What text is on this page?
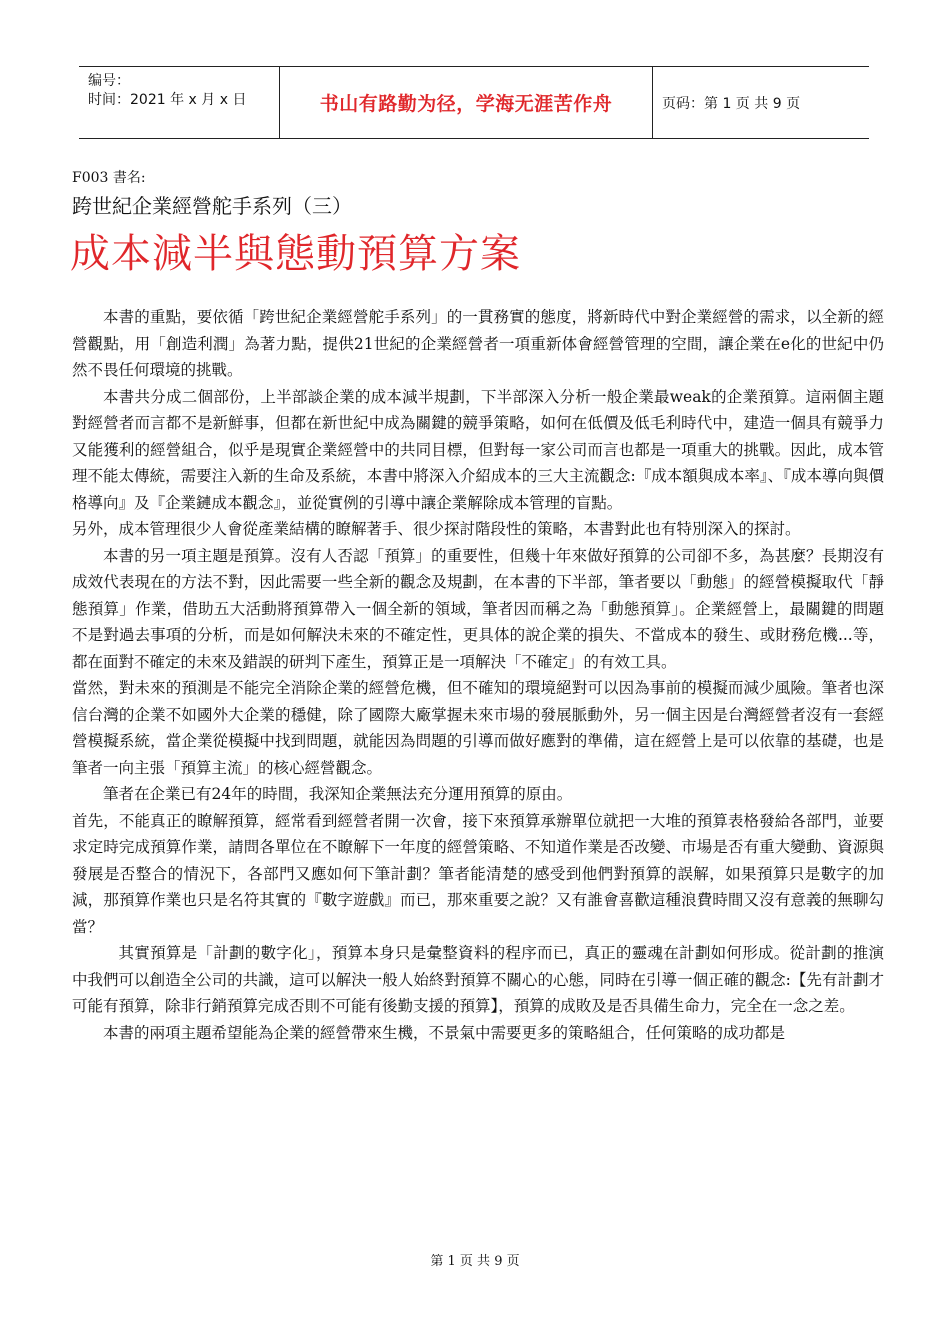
编号：
时间：2021 年 x 月 x 日	书山有路勤为径，学海无涯苦作舟	页码：第 1 页 共 9 页
F003 書名:
跨世紀企業經營舵手系列（三）
成本減半與態動預算方案

本書的重點，要依循「跨世紀企業經營舵手系列」的一貫務實的態度，將新時代中對企業經營的需求，以全新的經營觀點，用「創造利潤」為著力點，提供21世紀的企業經營者一項重新体會經營管理的空間，讓企業在e化的世紀中仍然不畏任何環境的挑戰。

本書共分成二個部份，上半部談企業的成本減半規劃，下半部深入分析一般企業最weak的企業預算。這兩個主題對經營者而言都不是新鮮事，但都在新世紀中成為關鍵的競爭策略，如何在低價及低毛利時代中，建造一個具有競爭力又能獲利的經營組合，似乎是現實企業經營中的共同目標，但對每一家公司而言也都是一項重大的挑戰。因此，成本管理不能太傳統，需要注入新的生命及系統，本書中將深入介紹成本的三大主流觀念:『成本額與成本率』、『成本導向與價格導向』及『企業鏈成本觀念』，並從實例的引導中讓企業解除成本管理的盲點。

另外，成本管理很少人會從產業結構的瞭解著手、很少探討階段性的策略，本書對此也有特別深入的探討。

本書的另一項主題是預算。沒有人否認「預算」的重要性，但幾十年來做好預算的公司卻不多，為甚麼？長期沒有成效代表現在的方法不對，因此需要一些全新的觀念及規劃，在本書的下半部，筆者要以「動態」的經營模擬取代「靜態預算」作業，借助五大活動將預算帶入一個全新的領域，筆者因而稱之為「動態預算」。企業經營上，最關鍵的問題不是對過去事項的分析，而是如何解決未來的不確定性，更具体的說企業的損失、不當成本的發生、或財務危機...等，都在面對不確定的未來及錯誤的研判下產生，預算正是一項解決「不確定」的有效工具。

當然，對未來的預測是不能完全消除企業的經營危機，但不確知的環境絕對可以因為事前的模擬而減少風險。筆者也深信台灣的企業不如國外大企業的穩健，除了國際大廠掌握未來市場的發展脈動外，另一個主因是台灣經營者沒有一套經營模擬系統，當企業從模擬中找到問題，就能因為問題的引導而做好應對的準備，這在經營上是可以依靠的基礎，也是筆者一向主張「預算主流」的核心經營觀念。

筆者在企業已有24年的時間，我深知企業無法充分運用預算的原由。

首先，不能真正的瞭解預算，經常看到經營者開一次會，接下來預算承辦單位就把一大堆的預算表格發給各部門，並要求定時完成預算作業，請問各單位在不瞭解下一年度的經營策略、不知道作業是否改變、市場是否有重大變動、資源與發展是否整合的情況下，各部門又應如何下筆計劃？筆者能清楚的感受到他們對預算的誤解，如果預算只是數字的加減，那預算作業也只是名符其實的『數字遊戲』而已，那來重要之說？又有誰會喜歡這種浪費時間又沒有意義的無聊勾當？

其實預算是「計劃的數字化」，預算本身只是彙整資料的程序而已，真正的靈魂在計劃如何形成。從計劃的推演中我們可以創造全公司的共識，這可以解決一般人始終對預算不關心的心態，同時在引導一個正確的觀念:【先有計劃才可能有預算，除非行銷預算完成否則不可能有後勤支援的預算】，預算的成敗及是否具備生命力，完全在一念之差。

本書的兩項主題希望能為企業的經營帶來生機，不景氣中需要更多的策略組合，任何策略的成功都是

第 1 页 共 9 页
